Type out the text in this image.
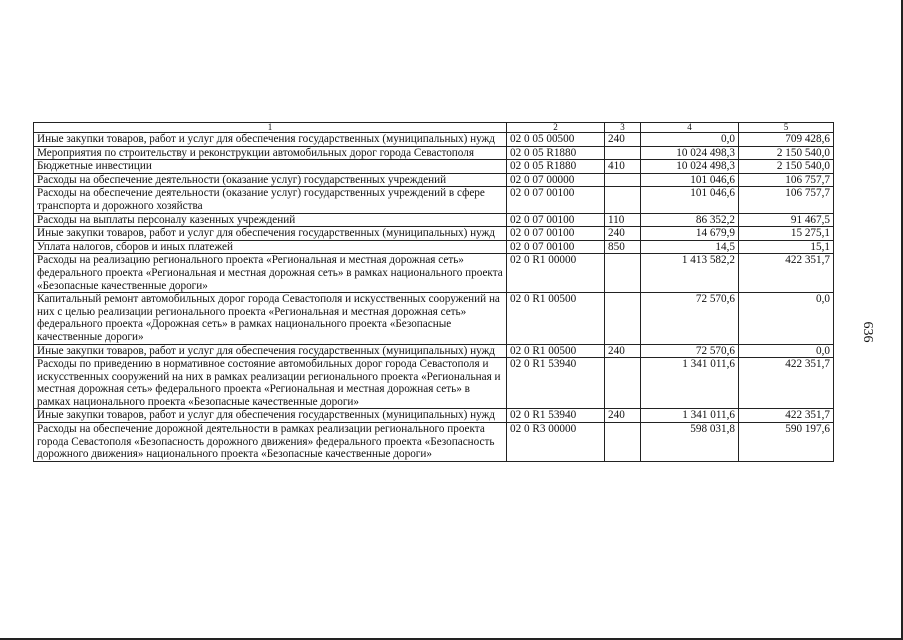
1	2	3	4	5
Иные закупки товаров, работ и услуг для обеспечения государственных (муниципальных) нужд	02 0 05 00500	240	0,0	709 428,6
Мероприятия по строительству и реконструкции автомобильных дорог города Севастополя	02 0 05 R1880		10 024 498,3	2 150 540,0
Бюджетные инвестиции	02 0 05 R1880	410	10 024 498,3	2 150 540,0
Расходы на обеспечение деятельности (оказание услуг) государственных учреждений	02 0 07 00000		101 046,6	106 757,7
Расходы на обеспечение деятельности (оказание услуг) государственных учреждений в сфере транспорта и дорожного хозяйства	02 0 07 00100		101 046,6	106 757,7
Расходы на выплаты персоналу казенных учреждений	02 0 07 00100	110	86 352,2	91 467,5
Иные закупки товаров, работ и услуг для обеспечения государственных (муниципальных) нужд	02 0 07 00100	240	14 679,9	15 275,1
Уплата налогов, сборов и иных платежей	02 0 07 00100	850	14,5	15,1
Расходы на реализацию регионального проекта «Региональная и местная дорожная сеть» федерального проекта «Региональная и местная дорожная сеть» в рамках национального проекта «Безопасные качественные дороги»	02 0 R1 00000		1 413 582,2	422 351,7
Капитальный ремонт автомобильных дорог города Севастополя и искусственных сооружений на них с целью реализации регионального проекта «Региональная и местная дорожная сеть» федерального проекта «Дорожная сеть» в рамках национального проекта «Безопасные качественные дороги»	02 0 R1 00500		72 570,6	0,0
Иные закупки товаров, работ и услуг для обеспечения государственных (муниципальных) нужд	02 0 R1 00500	240	72 570,6	0,0
Расходы по приведению в нормативное состояние автомобильных дорог города Севастополя и искусственных сооружений на них в рамках реализации регионального проекта «Региональная и местная дорожная сеть» федерального проекта «Региональная и местная дорожная сеть» в рамках национального проекта «Безопасные качественные дороги»	02 0 R1 53940		1 341 011,6	422 351,7
Иные закупки товаров, работ и услуг для обеспечения государственных (муниципальных) нужд	02 0 R1 53940	240	1 341 011,6	422 351,7
Расходы на обеспечение дорожной деятельности в рамках реализации регионального проекта города Севастополя «Безопасность дорожного движения» федерального проекта «Безопасность дорожного движения» национального проекта «Безопасные качественные дороги»	02 0 R3 00000		598 031,8	590 197,6
636
